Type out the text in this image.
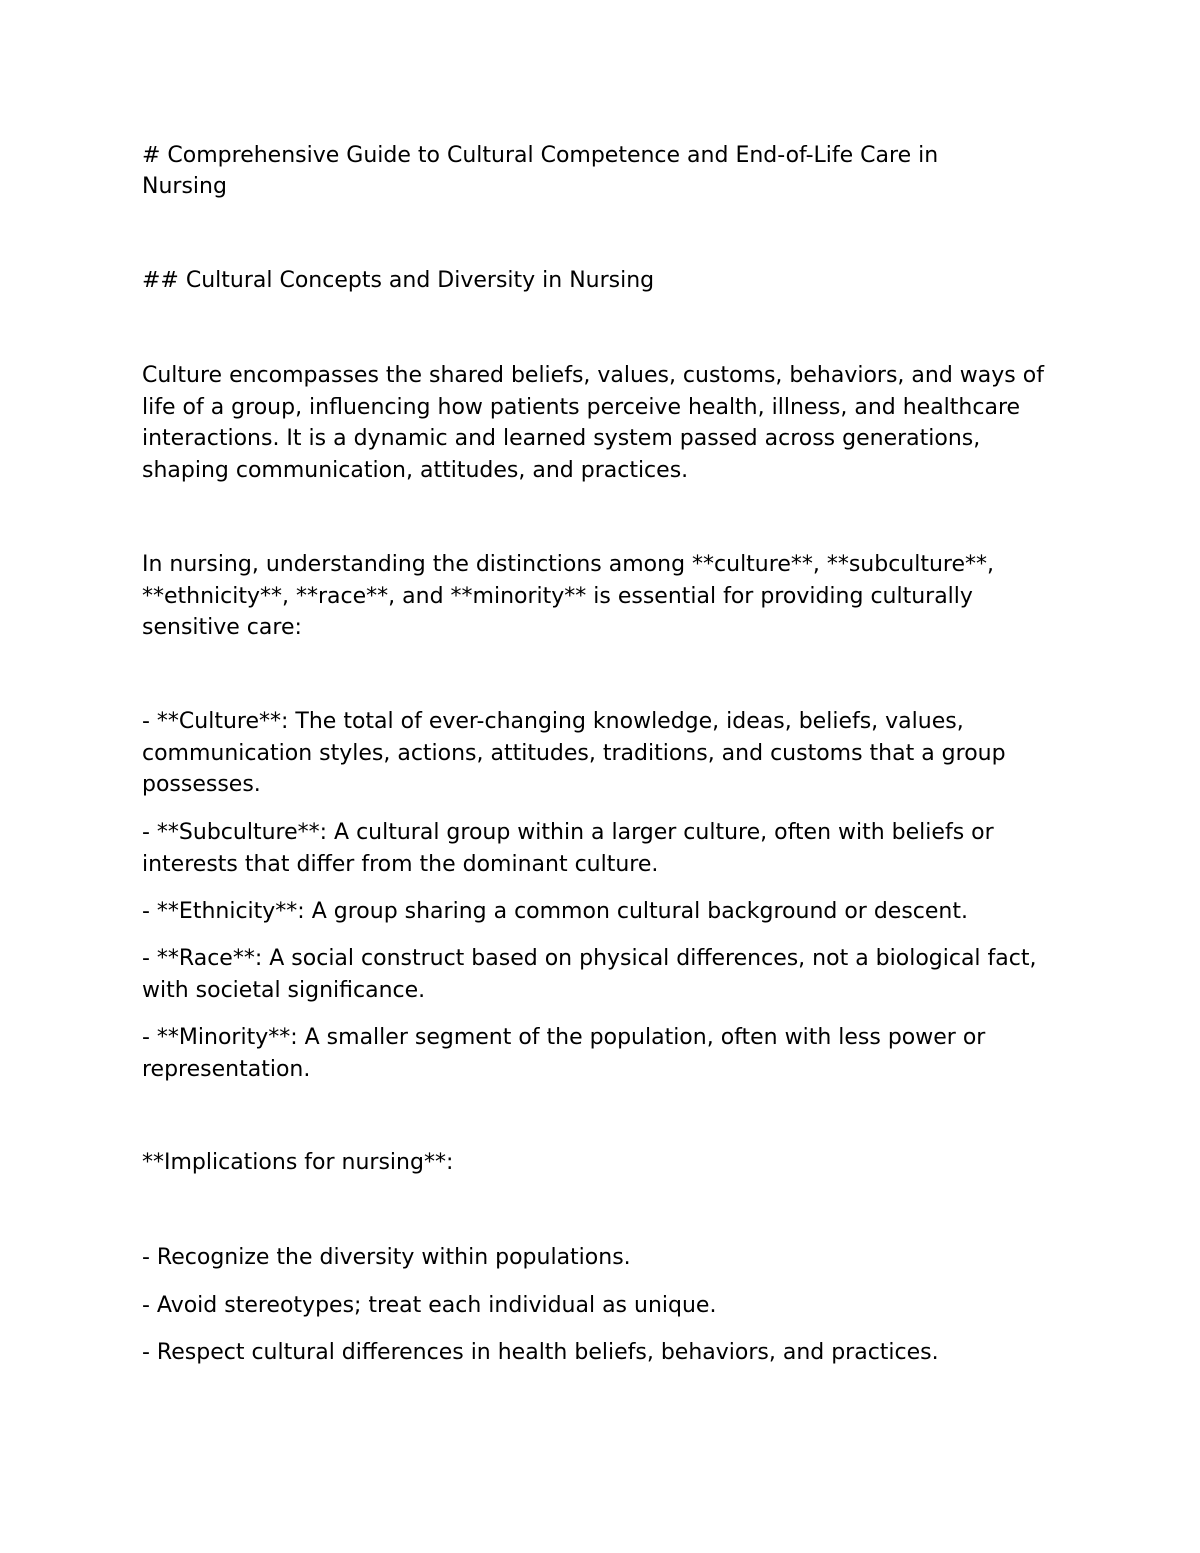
# Comprehensive Guide to Cultural Competence and End-of-Life Care in

Nursing

## Cultural Concepts and Diversity in Nursing

Culture encompasses the shared beliefs, values, customs, behaviors, and ways of life of a group, influencing how patients perceive health, illness, and healthcare interactions. It is a dynamic and learned system passed across generations, shaping communication, attitudes, and practices.

In nursing, understanding the distinctions among **culture**, **subculture**, **ethnicity**, **race**, and **minority** is essential for providing culturally sensitive care:

- **Culture**: The total of ever-changing knowledge, ideas, beliefs, values, communication styles, actions, attitudes, traditions, and customs that a group possesses.

- **Subculture**: A cultural group within a larger culture, often with beliefs or interests that differ from the dominant culture.

- **Ethnicity**: A group sharing a common cultural background or descent.

- **Race**: A social construct based on physical differences, not a biological fact, with societal significance.

- **Minority**: A smaller segment of the population, often with less power or representation.

**Implications for nursing**:

- Recognize the diversity within populations.

- Avoid stereotypes; treat each individual as unique.

- Respect cultural differences in health beliefs, behaviors, and practices.
